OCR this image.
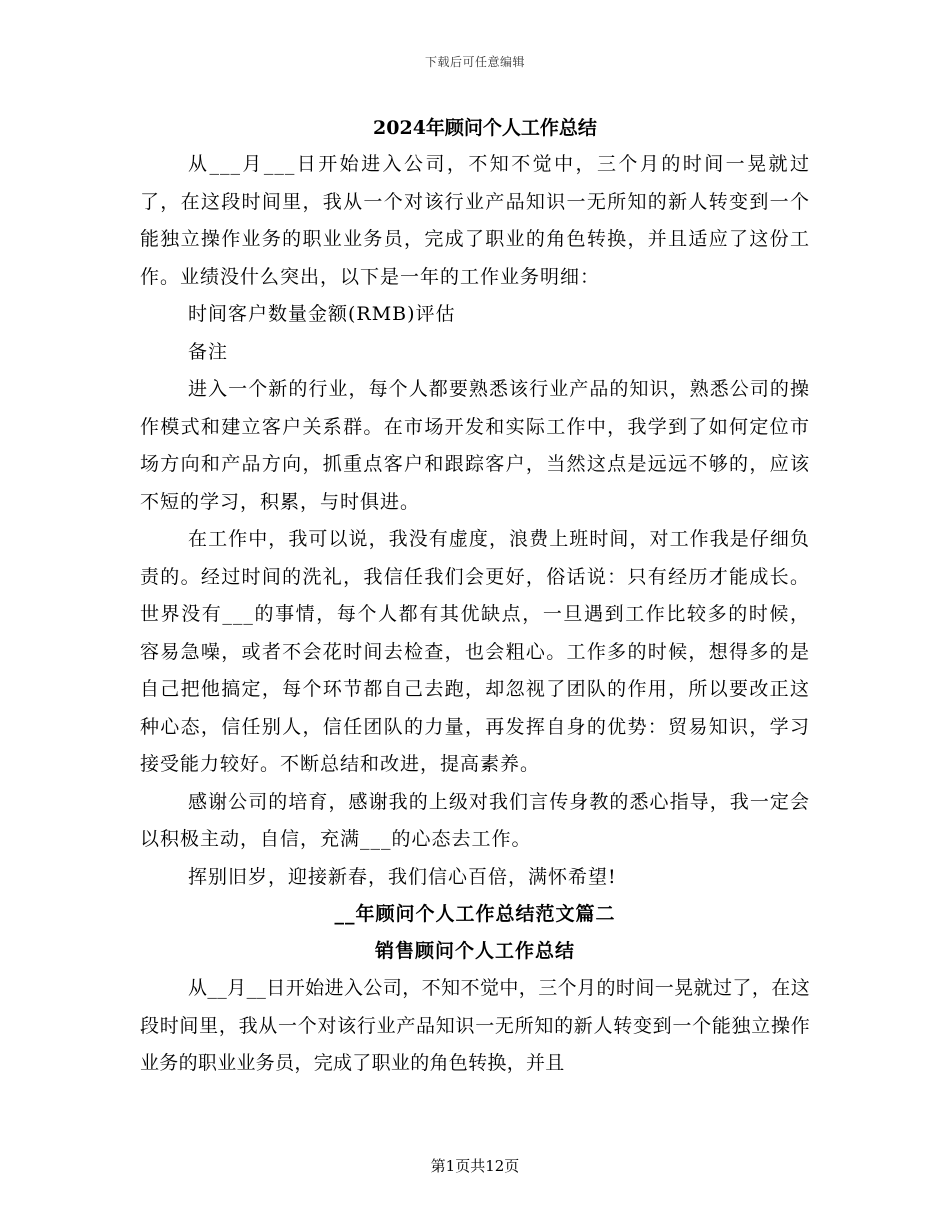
下载后可任意编辑
2024年顾问个人工作总结

从___月___日开始进入公司，不知不觉中，三个月的时间一晃就过了，在这段时间里，我从一个对该行业产品知识一无所知的新人转变到一个能独立操作业务的职业业务员，完成了职业的角色转换，并且适应了这份工作。业绩没什么突出，以下是一年的工作业务明细：

时间客户数量金额(RMB)评估

备注

进入一个新的行业，每个人都要熟悉该行业产品的知识，熟悉公司的操作模式和建立客户关系群。在市场开发和实际工作中，我学到了如何定位市场方向和产品方向，抓重点客户和跟踪客户，当然这点是远远不够的，应该不短的学习，积累，与时俱进。

在工作中，我可以说，我没有虚度，浪费上班时间，对工作我是仔细负责的。经过时间的洗礼，我信任我们会更好，俗话说：只有经历才能成长。世界没有___的事情，每个人都有其优缺点，一旦遇到工作比较多的时候，容易急噪，或者不会花时间去检查，也会粗心。工作多的时候，想得多的是自己把他搞定，每个环节都自己去跑，却忽视了团队的作用，所以要改正这种心态，信任别人，信任团队的力量，再发挥自身的优势：贸易知识，学习接受能力较好。不断总结和改进，提高素养。

感谢公司的培育，感谢我的上级对我们言传身教的悉心指导，我一定会以积极主动，自信，充满___的心态去工作。

挥别旧岁，迎接新春，我们信心百倍，满怀希望!

__年顾问个人工作总结范文篇二
销售顾问个人工作总结

从__月__日开始进入公司，不知不觉中，三个月的时间一晃就过了，在这段时间里，我从一个对该行业产品知识一无所知的新人转变到一个能独立操作业务的职业业务员，完成了职业的角色转换，并且

第1页共12页
